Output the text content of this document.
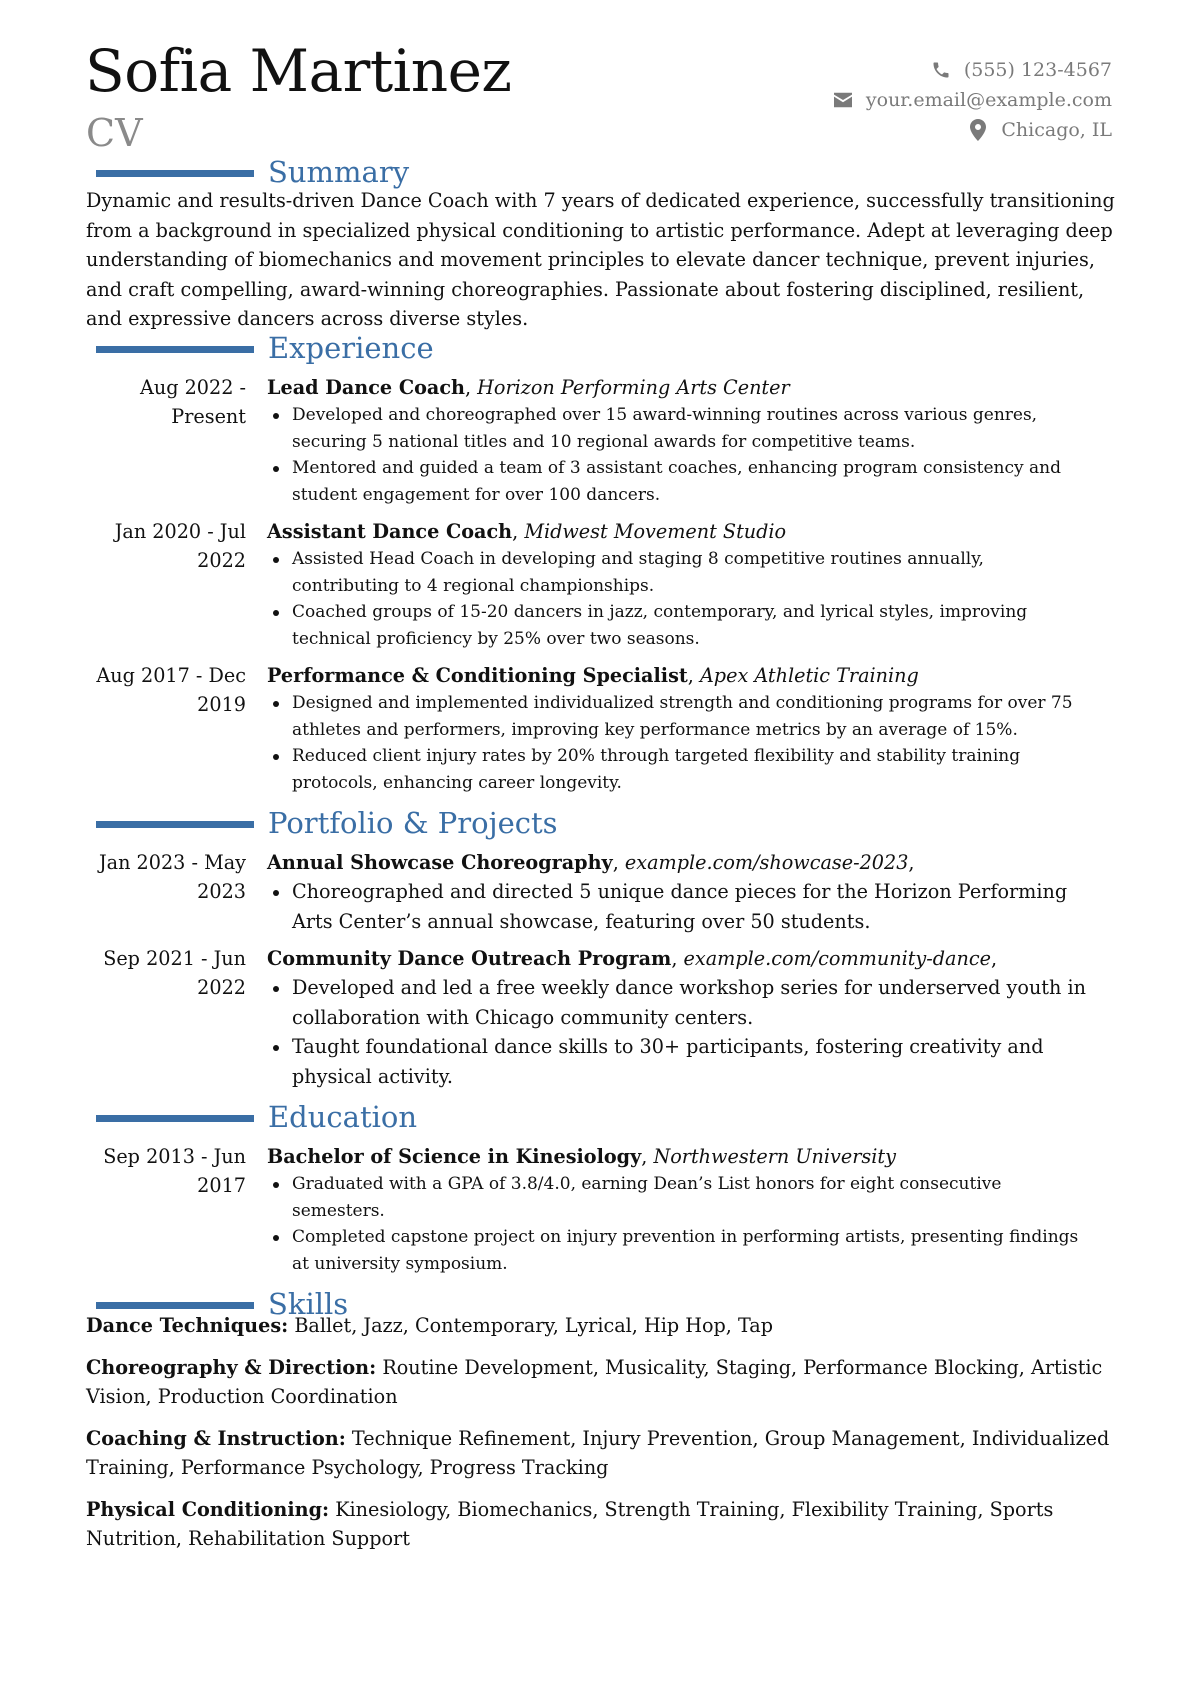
Sofia Martinez
CV
(555) 123-4567
your.email@example.com
Chicago, IL
Summary
Dynamic and results-driven Dance Coach with 7 years of dedicated experience, successfully transitioning from a background in specialized physical conditioning to artistic performance. Adept at leveraging deep understanding of biomechanics and movement principles to elevate dancer technique, prevent injuries, and craft compelling, award-winning choreographies. Passionate about fostering disciplined, resilient, and expressive dancers across diverse styles.
Experience
Aug 2022 - Present
Lead Dance Coach, Horizon Performing Arts Center
Developed and choreographed over 15 award-winning routines across various genres, securing 5 national titles and 10 regional awards for competitive teams.
Mentored and guided a team of 3 assistant coaches, enhancing program consistency and student engagement for over 100 dancers.
Jan 2020 - Jul 2022
Assistant Dance Coach, Midwest Movement Studio
Assisted Head Coach in developing and staging 8 competitive routines annually, contributing to 4 regional championships.
Coached groups of 15-20 dancers in jazz, contemporary, and lyrical styles, improving technical proficiency by 25% over two seasons.
Aug 2017 - Dec 2019
Performance & Conditioning Specialist, Apex Athletic Training
Designed and implemented individualized strength and conditioning programs for over 75 athletes and performers, improving key performance metrics by an average of 15%.
Reduced client injury rates by 20% through targeted flexibility and stability training protocols, enhancing career longevity.
Portfolio & Projects
Jan 2023 - May 2023
Annual Showcase Choreography, example.com/showcase-2023,
Choreographed and directed 5 unique dance pieces for the Horizon Performing Arts Center’s annual showcase, featuring over 50 students.
Sep 2021 - Jun 2022
Community Dance Outreach Program, example.com/community-dance,
Developed and led a free weekly dance workshop series for underserved youth in collaboration with Chicago community centers.
Taught foundational dance skills to 30+ participants, fostering creativity and physical activity.
Education
Sep 2013 - Jun 2017
Bachelor of Science in Kinesiology, Northwestern University
Graduated with a GPA of 3.8/4.0, earning Dean’s List honors for eight consecutive semesters.
Completed capstone project on injury prevention in performing artists, presenting findings at university symposium.
Skills
Dance Techniques: Ballet, Jazz, Contemporary, Lyrical, Hip Hop, Tap
Choreography & Direction: Routine Development, Musicality, Staging, Performance Blocking, Artistic Vision, Production Coordination
Coaching & Instruction: Technique Refinement, Injury Prevention, Group Management, Individualized Training, Performance Psychology, Progress Tracking
Physical Conditioning: Kinesiology, Biomechanics, Strength Training, Flexibility Training, Sports Nutrition, Rehabilitation Support
